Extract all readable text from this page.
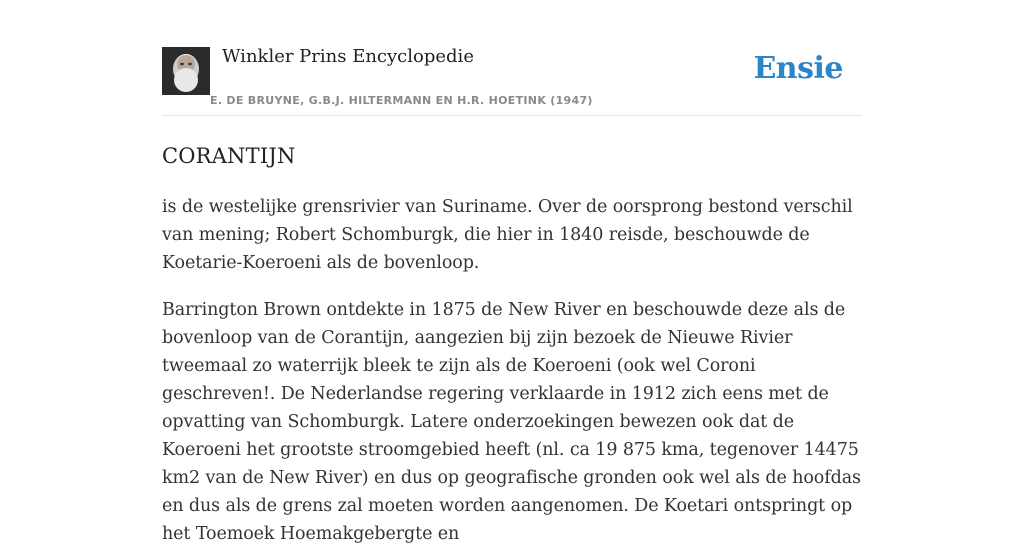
Winkler Prins Encyclopedie
E. DE BRUYNE, G.B.J. HILTERMANN EN H.R. HOETINK (1947)
Ensie
CORANTIJN

is de westelijke grensrivier van Suriname. Over de oorsprong bestond verschil van mening; Robert Schomburgk, die hier in 1840 reisde, beschouwde de Koetarie-Koeroeni als de bovenloop.

Barrington Brown ontdekte in 1875 de New River en beschouwde deze als de bovenloop van de Corantijn, aangezien bij zijn bezoek de Nieuwe Rivier tweemaal zo waterrijk bleek te zijn als de Koeroeni (ook wel Coroni geschreven!. De Nederlandse regering verklaarde in 1912 zich eens met de opvatting van Schomburgk. Latere onderzoekingen bewezen ook dat de Koeroeni het grootste stroomgebied heeft (nl. ca 19 875 kma, tegenover 14475 km2 van de New River) en dus op geografische gronden ook wel als de hoofdas en dus als de grens zal moeten worden aangenomen. De Koetari ontspringt op het Toemoek Hoemakgebergte en
